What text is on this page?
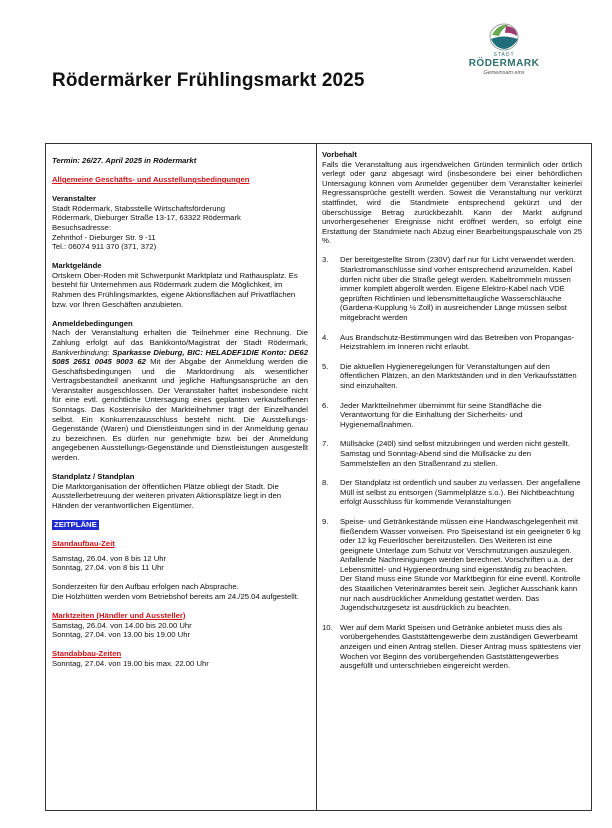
Rödermärker Frühlingsmarkt 2025
STADT
RÖDERMARK
Gemeinsam eins

Termin: 26/27. April 2025 in Rödermarkt

Allgemeine Geschäfts- und Ausstellungsbedingungen

Veranstalter

Stadt Rödermark, Stabsstelle Wirtschaftsförderung

Rödermark, Dieburger Straße 13-17, 63322 Rödermark

Besuchsadresse:

Zehnthof - Dieburger Str. 9 -11

Tel.: 06074 911 370 (371, 372)

Marktgelände

Ortskern Ober-Roden mit Schwerpunkt Marktplatz und Rathausplatz. Es besteht für Unternehmen aus Rödermark zudem die Möglichkeit, im Rahmen des Frühlingsmarktes, eigene Aktionsflächen auf Privatflächen bzw. vor Ihren Geschäften anzubieten.

Anmeldebedingungen

Nach der Veranstaltung erhalten die Teilnehmer eine Rechnung. Die Zahlung erfolgt auf das Bankkonto/Magistrat der Stadt Rödermark, Bankverbindung: Sparkasse Dieburg, BIC: HELADEF1DIE Konto: DE62 5085 2651 0045 9003 62 Mit der Abgabe der Anmeldung werden die Geschäftsbedingungen und die Marktordnung als wesentlicher Vertragsbestandteil anerkannt und jegliche Haftungsansprüche an den Veranstalter ausgeschlossen. Der Veranstalter haftet insbesondere nicht für eine evtl. gerichtliche Untersagung eines geplanten verkaufsoffenen Sonntags. Das Kostenrisiko der Markteilnehmer trägt der Einzelhandel selbst. Ein Konkurrenzausschluss besteht nicht. Die Ausstellungs-Gegenstände (Waren) und Dienstleistungen sind in der Anmeldung genau zu bezeichnen. Es dürfen nur genehmigte bzw. bei der Anmeldung angegebenen Ausstellungs-Gegenstände und Dienstleistungen ausgestellt werden.

Standplatz / Standplan

Die Marktorganisation der öffentlichen Plätze obliegt der Stadt. Die Ausstellerbetreuung der weiteren privaten Aktionsplätze liegt in den Händen der verantwortlichen Eigentümer.

ZEITPLÄNE

Standaufbau-Zeit

Samstag, 26.04. von 8 bis 12 Uhr

Sonntag, 27.04. von 8 bis 11 Uhr

Sonderzeiten für den Aufbau erfolgen nach Absprache.

Die Holzhütten werden vom Betriebshof bereits am 24./25.04 aufgestellt.

Marktzeiten (Händler und Aussteller)

Samstag, 26.04. von 14.00 bis 20.00 Uhr

Sonntag, 27.04. von 13.00 bis 19.00 Uhr

Standabbau-Zeiten

Sonntag, 27.04. von 19.00 bis max. 22.00 Uhr

Vorbehalt

Falls die Veranstaltung aus irgendwelchen Gründen terminlich oder örtlich verlegt oder ganz abgesagt wird (insbesondere bei einer behördlichen Untersagung können vom Anmelder gegenüber dem Veranstalter keinerlei Regressansprüche gestellt werden. Soweit die Veranstaltung nur verkürzt stattfindet, wird die Standmiete entsprechend gekürzt und der überschüssige Betrag zurückbezahlt. Kann der Markt aufgrund unvorhergesehener Ereignisse nicht eröffnet werden, so erfolgt eine Erstattung der Standmiete nach Abzug einer Bearbeitungspauschale von 25 %.

3. Der bereitgestellte Strom (230V) darf nur für Licht verwendet werden. Starkstromanschlüsse sind vorher entsprechend anzumelden. Kabel dürfen nicht über die Straße gelegt werden. Kabeltrommeln müssen immer komplett abgerollt werden. Eigene Elektro-Kabel nach VDE geprüften Richtlinien und lebensmitteltaugliche Wasserschläuche (Gardena-Kupplung ½ Zoll) in ausreichender Länge müssen selbst mitgebracht werden
4. Aus Brandschutz-Bestimmungen wird das Betreiben von Propangas-Heizstrahlern im Inneren nicht erlaubt.
5. Die aktuellen Hygieneregelungen für Veranstaltungen auf den öffentlichen Plätzen, an den Marktständen und in den Verkaufsstätten sind einzuhalten.
6. Jeder Marktteilnehmer übernimmt für seine Standfläche die Verantwortung für die Einhaltung der Sicherheits- und Hygienemaßnahmen.
7. Müllsäcke (240l) sind selbst mitzubringen und werden nicht gestellt. Samstag und Sonntag-Abend sind die Müllsäcke zu den Sammelstellen an den Straßenrand zu stellen.
8. Der Standplatz ist ordentlich und sauber zu verlassen. Der angefallene Müll ist selbst zu entsorgen (Sammelplätze s.o.). Bei Nichtbeachtung erfolgt Ausschluss für kommende Veranstaltungen
9. Speise- und Getränkestände müssen eine Handwaschgelegenheit mit fließendem Wasser vorweisen. Pro Speisestand ist ein geeigneter 6 kg oder 12 kg Feuerlöscher bereitzustellen. Des Weiteren ist eine geeignete Unterlage zum Schutz vor Verschmutzungen auszulegen. Anfallende Nachreinigungen werden berechnet. Vorschriften u.a. der Lebensmittel- und Hygieneordnung sind eigenständig zu beachten. Der Stand muss eine Stunde vor Marktbeginn für eine eventl. Kontrolle des Staatlichen Veterinäramtes bereit sein. Jeglicher Ausschank kann nur nach ausdrücklicher Anmeldung gestattet werden. Das Jugendschutzgesetz ist ausdrücklich zu beachten.
10. Wer auf dem Markt Speisen und Getränke anbietet muss dies als vorübergehendes Gaststättengewerbe dem zuständigen Gewerbeamt anzeigen und einen Antrag stellen. Dieser Antrag muss spätestens vier Wochen vor Beginn des vorübergehenden Gaststättengewerbes ausgefüllt und unterschrieben eingereicht werden.
